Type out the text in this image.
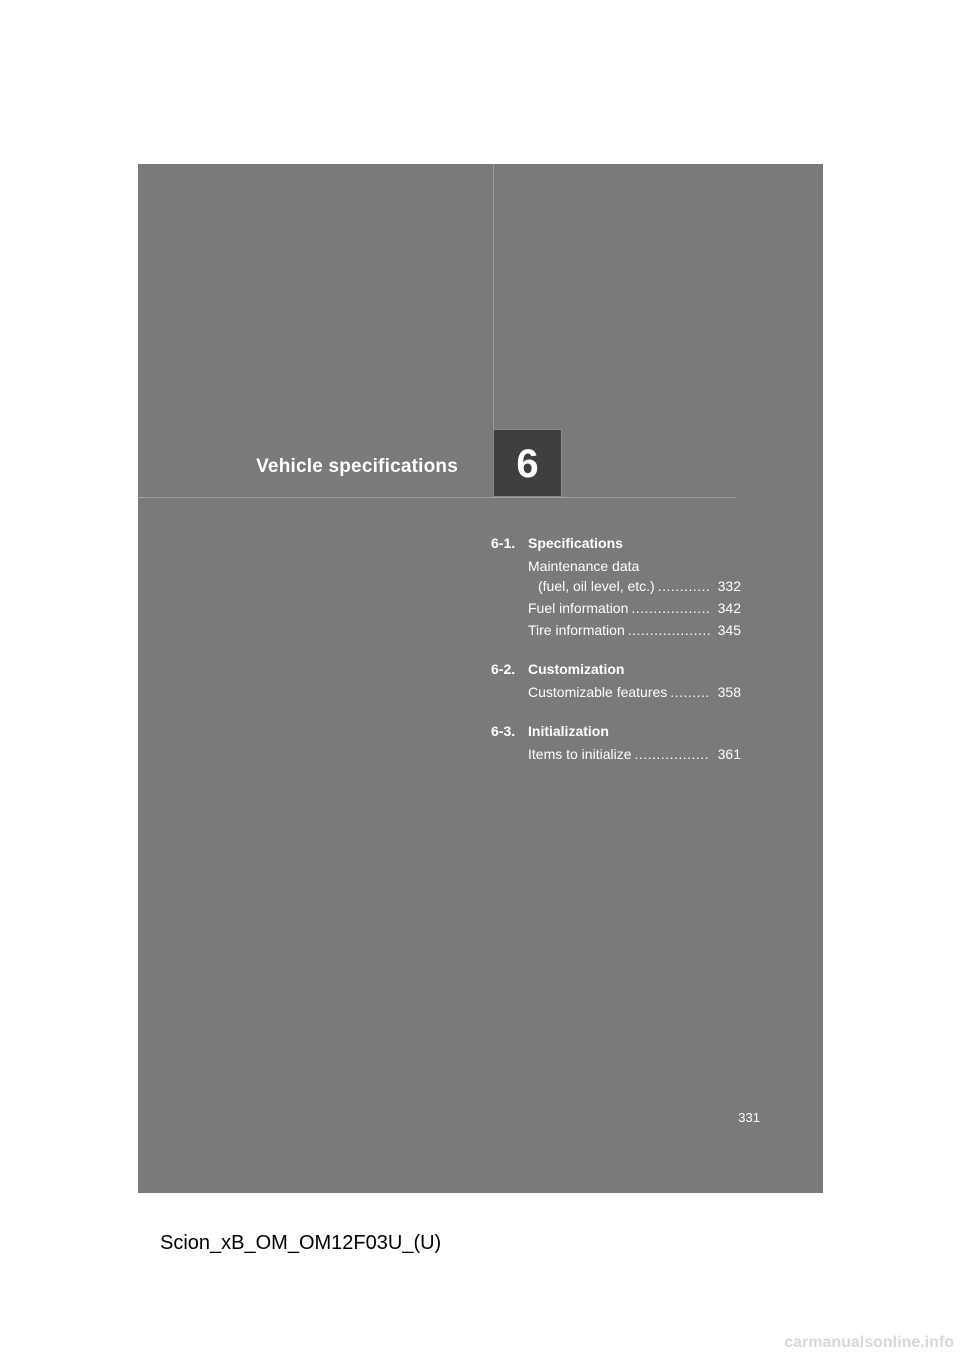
Vehicle specifications	6
6-1. Specifications
Maintenance data
(fuel, oil level, etc.) .....	332
Fuel information .....	342
Tire information .....	345
6-2. Customization
Customizable features .....	358
6-3. Initialization
Items to initialize .....	361
331
Scion_xB_OM_OM12F03U_(U)
carmanualsonline.info
